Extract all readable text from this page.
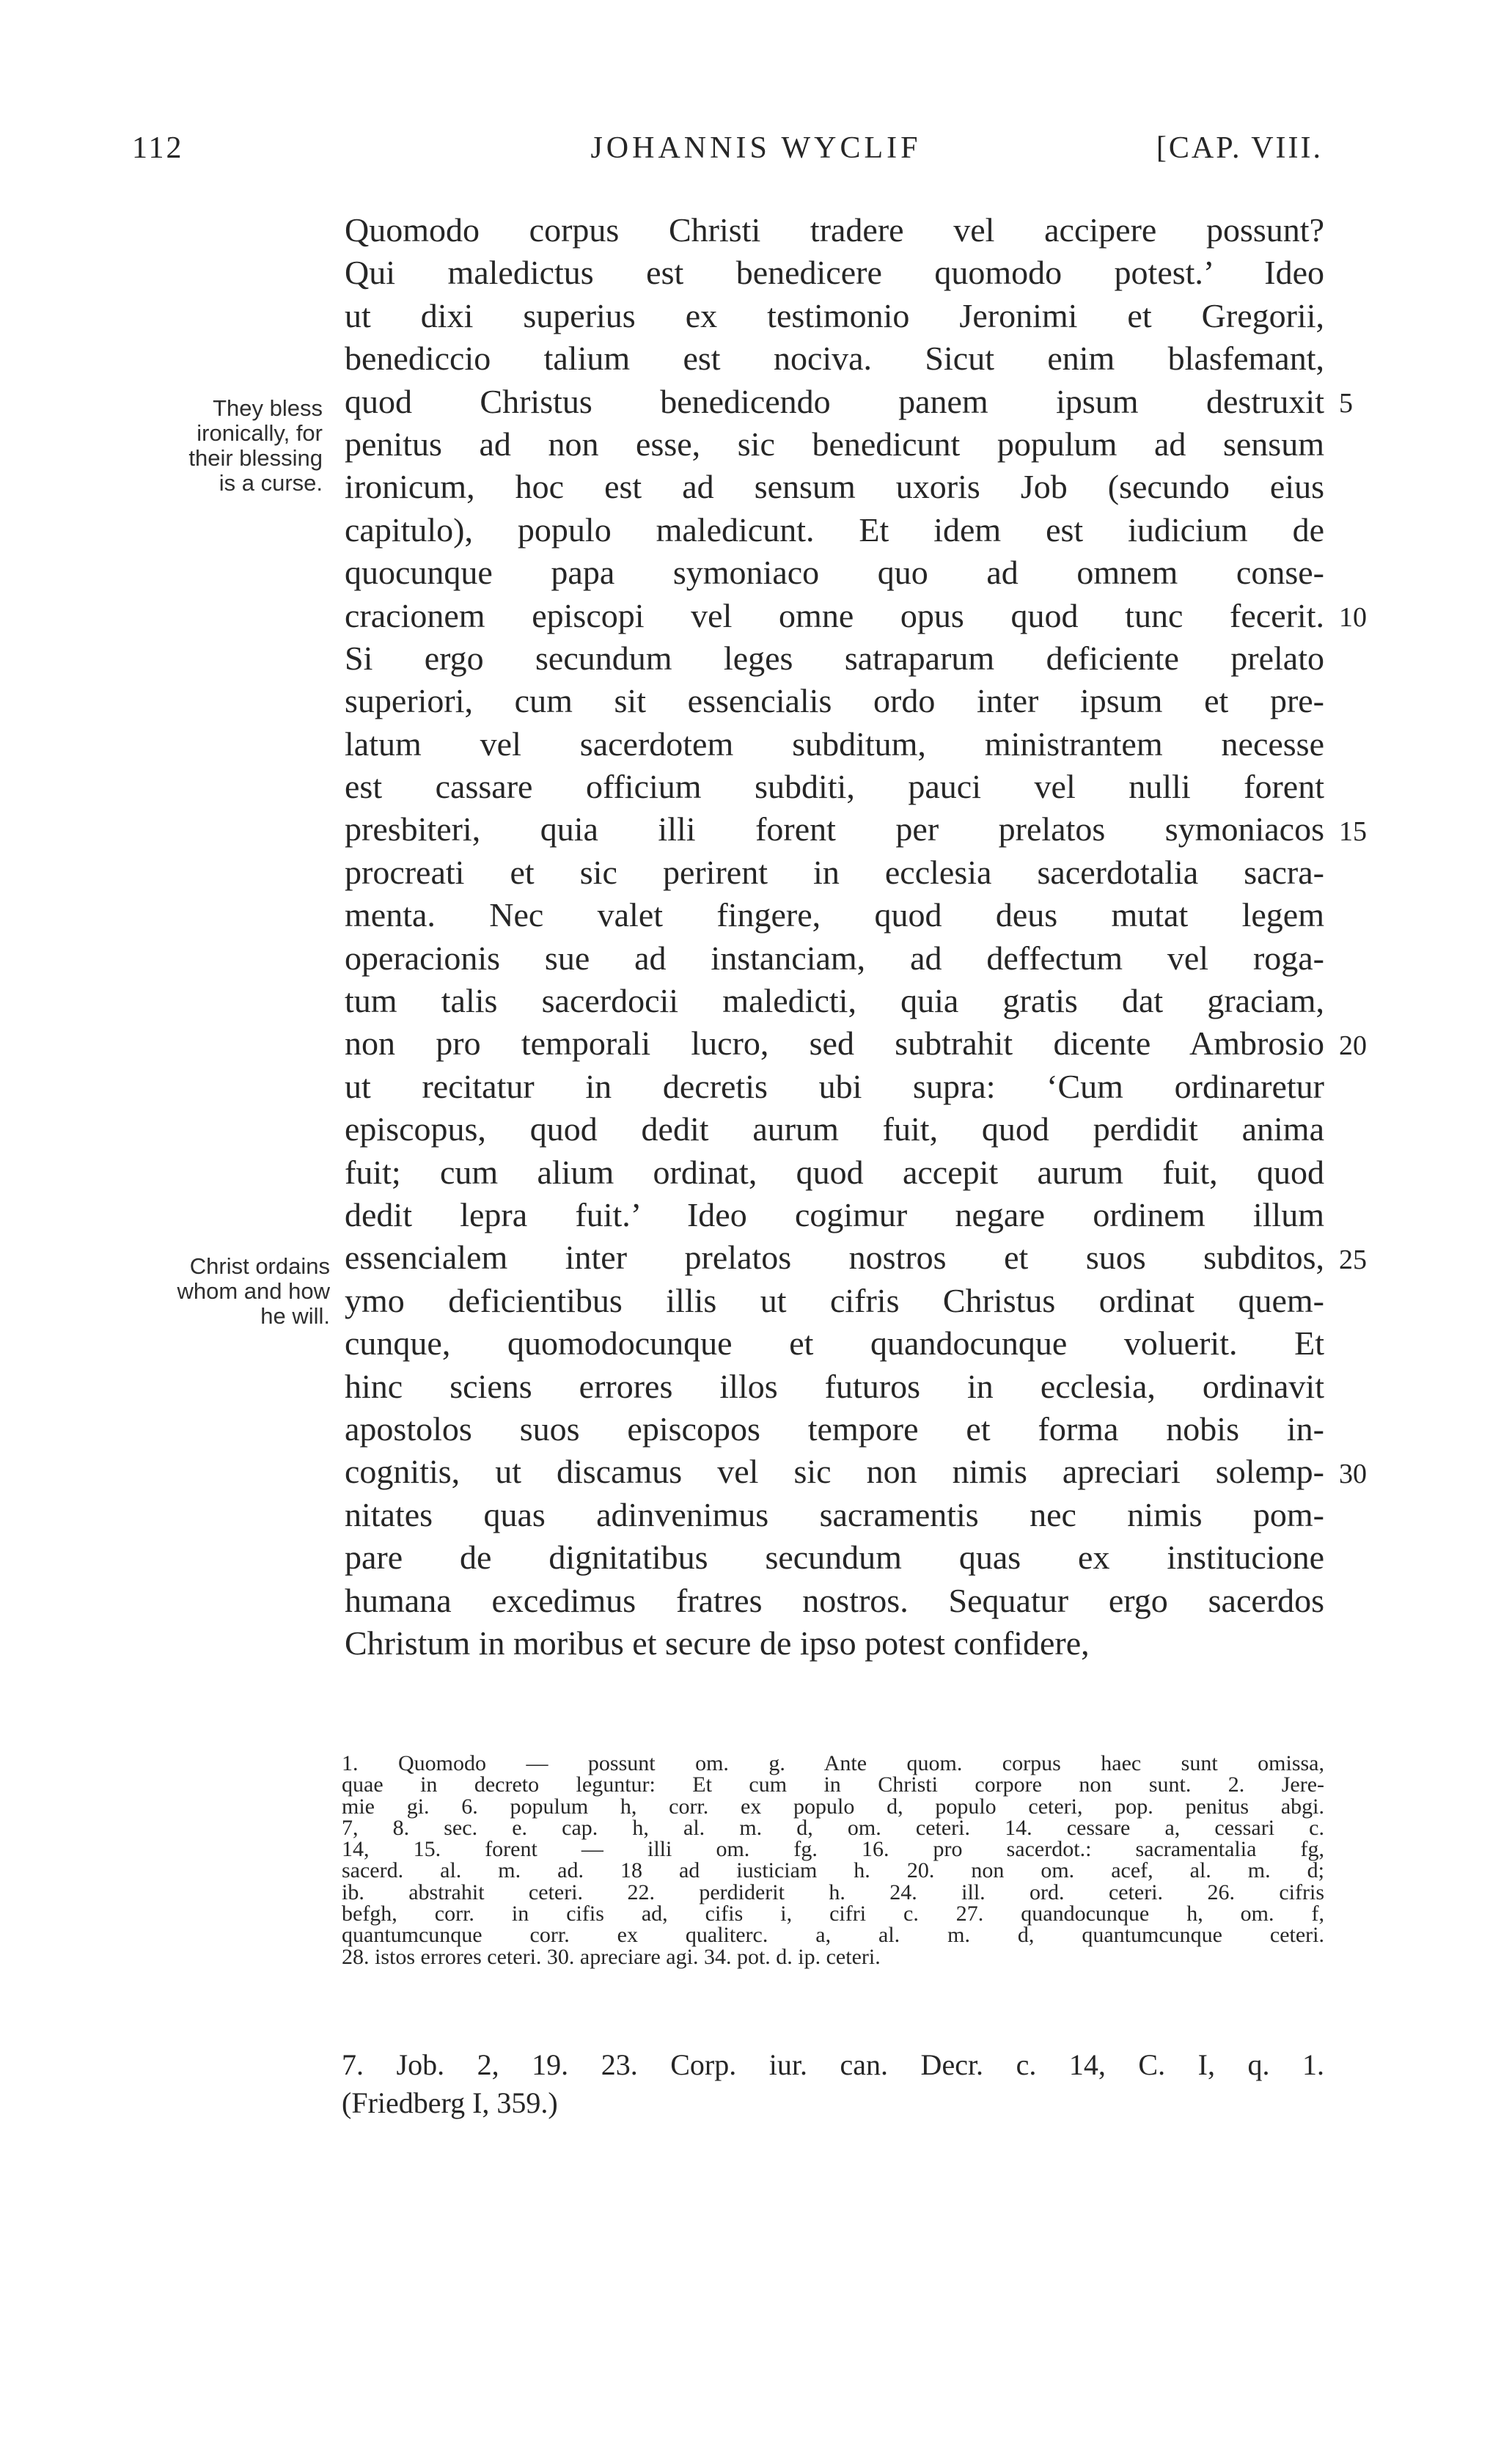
112	JOHANNIS WYCLIF	[CAP. VIII.
Quomodo corpus Christi tradere vel accipere possunt?
Qui maledictus est benedicere quomodo potest.’ Ideo
ut dixi superius ex testimonio Jeronimi et Gregorii,
benediccio talium est nociva. Sicut enim blasfemant,
quod Christus benedicendo panem ipsum destruxit
penitus ad non esse, sic benedicunt populum ad sensum
ironicum, hoc est ad sensum uxoris Job (secundo eius
capitulo), populo maledicunt. Et idem est iudicium de
quocunque papa symoniaco quo ad omnem conse-
cracionem episcopi vel omne opus quod tunc fecerit.
Si ergo secundum leges satraparum deficiente prelato
superiori, cum sit essencialis ordo inter ipsum et pre-
latum vel sacerdotem subditum, ministrantem necesse
est cassare officium subditi, pauci vel nulli forent
presbiteri, quia illi forent per prelatos symoniacos
procreati et sic perirent in ecclesia sacerdotalia sacra-
menta. Nec valet fingere, quod deus mutat legem
operacionis sue ad instanciam, ad deffectum vel roga-
tum talis sacerdocii maledicti, quia gratis dat graciam,
non pro temporali lucro, sed subtrahit dicente Ambrosio
ut recitatur in decretis ubi supra: ‘Cum ordinaretur
episcopus, quod dedit aurum fuit, quod perdidit anima
fuit; cum alium ordinat, quod accepit aurum fuit, quod
dedit lepra fuit.’ Ideo cogimur negare ordinem illum
essencialem inter prelatos nostros et suos subditos,
ymo deficientibus illis ut cifris Christus ordinat quem-
cunque, quomodocunque et quandocunque voluerit. Et
hinc sciens errores illos futuros in ecclesia, ordinavit
apostolos suos episcopos tempore et forma nobis in-
cognitis, ut discamus vel sic non nimis apreciari solemp-
nitates quas adinvenimus sacramentis nec nimis pom-
pare de dignitatibus secundum quas ex institucione
humana excedimus fratres nostros. Sequatur ergo sacerdos
Christum in moribus et secure de ipso potest confidere,
5
10
15
20
25
30
They bless
ironically, for
their blessing
is a curse.
Christ ordains
whom and how
he will.
1. Quomodo — possunt om. g. Ante quom. corpus haec sunt omissa,
quae in decreto leguntur: Et cum in Christi corpore non sunt. 2. Jere-
mie gi. 6. populum h, corr. ex populo d, populo ceteri, pop. penitus abgi.
7, 8. sec. e. cap. h, al. m. d, om. ceteri. 14. cessare a, cessari c.
14, 15. forent — illi om. fg. 16. pro sacerdot.: sacramentalia fg,
sacerd. al. m. ad. 18 ad iusticiam h. 20. non om. acef, al. m. d;
ib. abstrahit ceteri. 22. perdiderit h. 24. ill. ord. ceteri. 26. cifris
befgh, corr. in cifis ad, cifis i, cifri c. 27. quandocunque h, om. f,
quantumcunque corr. ex qualiterc. a, al. m. d, quantumcunque ceteri.
28. istos errores ceteri. 30. apreciare agi. 34. pot. d. ip. ceteri.
7. Job. 2, 19. 23. Corp. iur. can. Decr. c. 14, C. I, q. 1.
(Friedberg I, 359.)
